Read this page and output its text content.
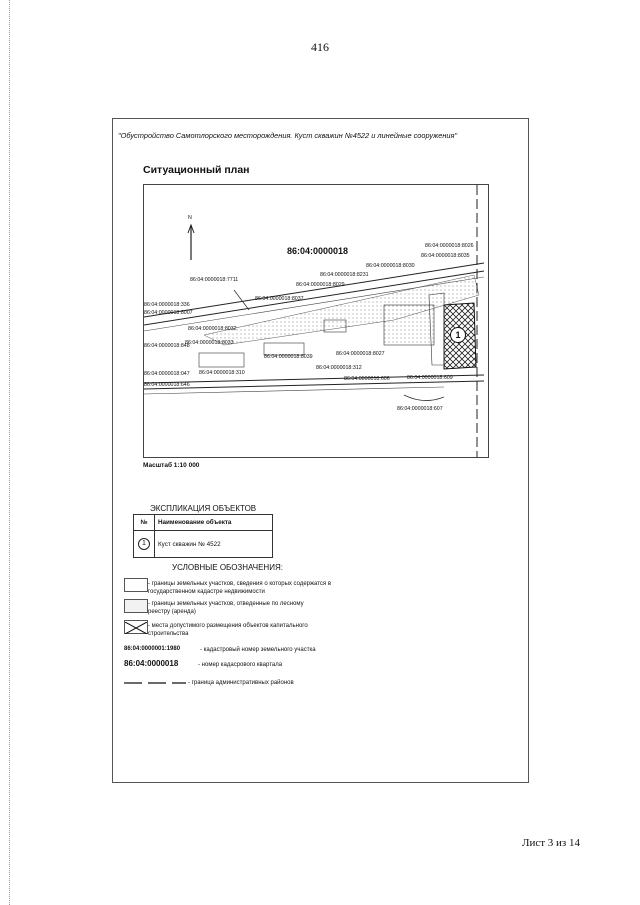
416
"Обустройство Самотлорского месторождения. Куст скважин №4522 и линейные сооружения"
Ситуационный план
N
86:04:0000018
1
86:04:0000018:8026
86:04:0000018:8035
86:04:0000018:8030
86:04:0000018:8231
86:04:0000018:8029
86:04:0000018:7711
86:04:0000018:8037
86:04:0000018:336
86:04:0000018:8007
86:04:0000018:8032
86:04:0000018:848
86:04:0000018:8033
86:04:0000018:8039	86:04:0000018:8027
86:04:0000018:312
86:04:0000018:310
86:04:0000018:606	86:04:0000018:609
86:04:0000018:047
86:04:0000018:646
86:04:0000018:607
Масштаб 1:10 000
ЭКСПЛИКАЦИЯ ОБЪЕКТОВ
№	Наименование объекта
1	Куст скважин № 4522
УСЛОВНЫЕ ОБОЗНАЧЕНИЯ:
- границы земельных участков, сведения о которых содержатся в государственном кадастре недвижимости
- границы земельных участков, отведенные по лесному реестру (аренда)
- места допустимого размещения объектов капитального строительства
86:04:0000001:1980	- кадастровый номер земельного участка
86:04:0000018	- номер кадасрового квартала
- граница административных районов
Лист 3 из 14
